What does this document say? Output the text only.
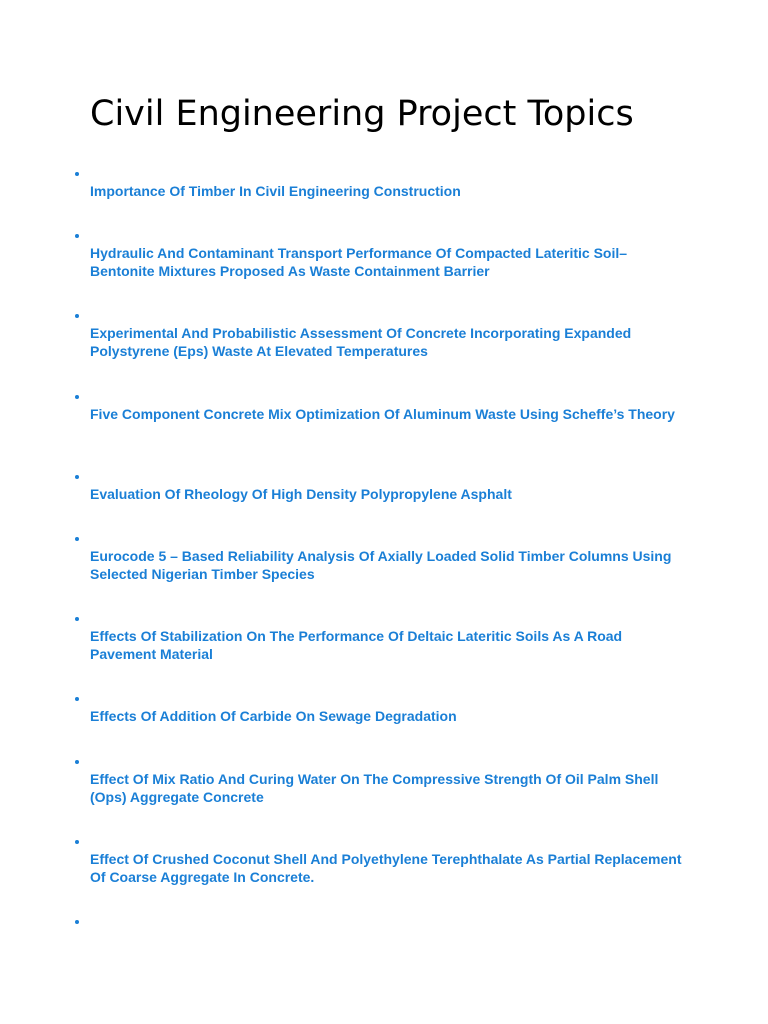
Civil Engineering Project Topics
Importance Of Timber In Civil Engineering Construction
Hydraulic And Contaminant Transport Performance Of Compacted Lateritic Soil–Bentonite Mixtures Proposed As Waste Containment Barrier
Experimental And Probabilistic Assessment Of Concrete Incorporating Expanded Polystyrene (Eps) Waste At Elevated Temperatures
Five Component Concrete Mix Optimization Of Aluminum Waste Using Scheffe’s Theory
Evaluation Of Rheology Of High Density Polypropylene Asphalt
Eurocode 5 – Based Reliability Analysis Of Axially Loaded Solid Timber Columns Using Selected Nigerian Timber Species
Effects Of Stabilization On The Performance Of Deltaic Lateritic Soils As A Road Pavement Material
Effects Of Addition Of Carbide On Sewage Degradation
Effect Of Mix Ratio And Curing Water On The Compressive Strength Of Oil Palm Shell (Ops) Aggregate Concrete
Effect Of Crushed Coconut Shell And Polyethylene Terephthalate As Partial Replacement Of Coarse Aggregate In Concrete.
